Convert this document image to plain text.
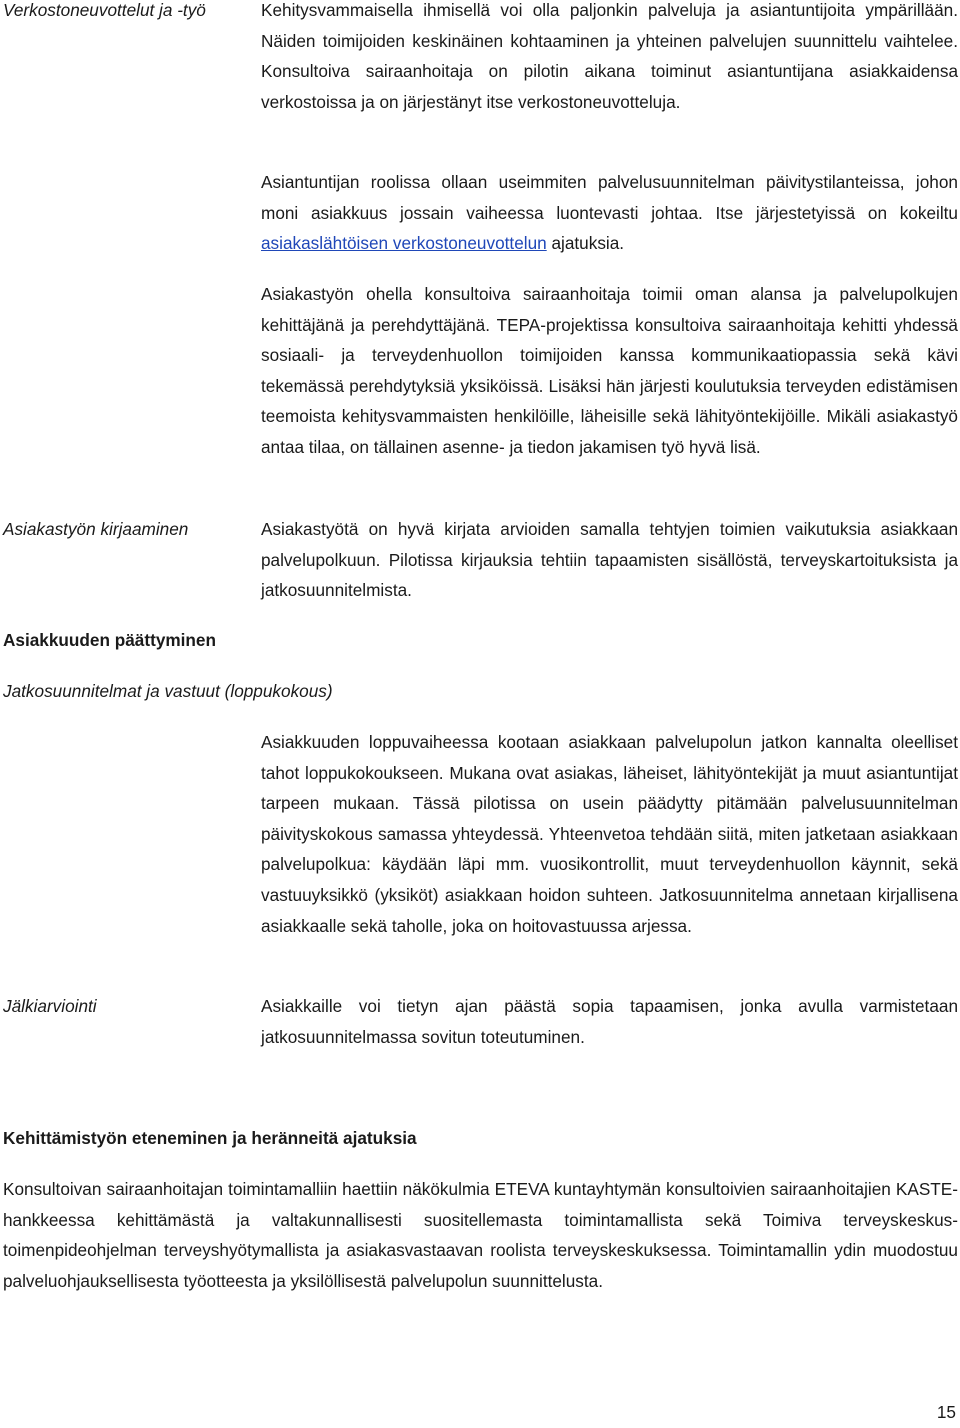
Verkostoneuvottelut ja -työ
Asiakastyön kirjaaminen
Asiakkuuden päättyminen
Jatkosuunnitelmat ja vastuut (loppukokous)
Jälkiarviointi

Kehitysvammaisella ihmisellä voi olla paljonkin palveluja ja asiantuntijoita ympärillään. Näiden toimijoiden keskinäinen kohtaaminen ja yhteinen palvelujen suunnittelu vaihtelee. Konsultoiva sairaanhoitaja on pilotin aikana toiminut asiantuntijana asiakkaidensa verkostoissa ja on järjestänyt itse verkostoneuvotteluja.

Asiantuntijan roolissa ollaan useimmiten palvelusuunnitelman päivitystilanteissa, johon moni asiakkuus jossain vaiheessa luontevasti johtaa. Itse järjestetyissä on kokeiltu asiakaslähtöisen verkostoneuvottelun ajatuksia.

Asiakastyön ohella konsultoiva sairaanhoitaja toimii oman alansa ja palvelupolkujen kehittäjänä ja perehdyttäjänä. TEPA-projektissa konsultoiva sairaanhoitaja kehitti yhdessä sosiaali- ja terveydenhuollon toimijoiden kanssa kommunikaatiopassia sekä kävi tekemässä perehdytyksiä yksiköissä. Lisäksi hän järjesti koulutuksia terveyden edistämisen teemoista kehitysvammaisten henkilöille, läheisille sekä lähityöntekijöille. Mikäli asiakastyö antaa tilaa, on tällainen asenne- ja tiedon jakamisen työ hyvä lisä.

Asiakastyötä on hyvä kirjata arvioiden samalla tehtyjen toimien vaikutuksia asiakkaan palvelupolkuun. Pilotissa kirjauksia tehtiin tapaamisten sisällöstä, terveyskartoituksista ja jatkosuunnitelmista.

Asiakkuuden loppuvaiheessa kootaan asiakkaan palvelupolun jatkon kannalta oleelliset tahot loppukokoukseen. Mukana ovat asiakas, läheiset, lähityöntekijät ja muut asiantuntijat tarpeen mukaan. Tässä pilotissa on usein päädytty pitämään palvelusuunnitelman päivityskokous samassa yhteydessä. Yhteenvetoa tehdään siitä, miten jatketaan asiakkaan palvelupolkua: käydään läpi mm. vuosikontrollit, muut terveydenhuollon käynnit, sekä vastuuyksikkö (yksiköt) asiakkaan hoidon suhteen. Jatkosuunnitelma annetaan kirjallisena asiakkaalle sekä taholle, joka on hoitovastuussa arjessa.

Asiakkaille voi tietyn ajan päästä sopia tapaamisen, jonka avulla varmistetaan jatkosuunnitelmassa sovitun toteutuminen.

Kehittämistyön eteneminen ja heränneitä ajatuksia

Konsultoivan sairaanhoitajan toimintamalliin haettiin näkökulmia ETEVA kuntayhtymän konsultoivien sairaanhoitajien KASTE-hankkeessa kehittämästä ja valtakunnallisesti suositellemasta toimintamallista sekä Toimiva terveyskeskus- toimenpideohjelman terveyshyötymallista ja asiakasvastaavan roolista terveyskeskuksessa. Toimintamallin ydin muodostuu palveluohjauksellisesta työotteesta ja yksilöllisestä palvelupolun suunnittelusta.

15
